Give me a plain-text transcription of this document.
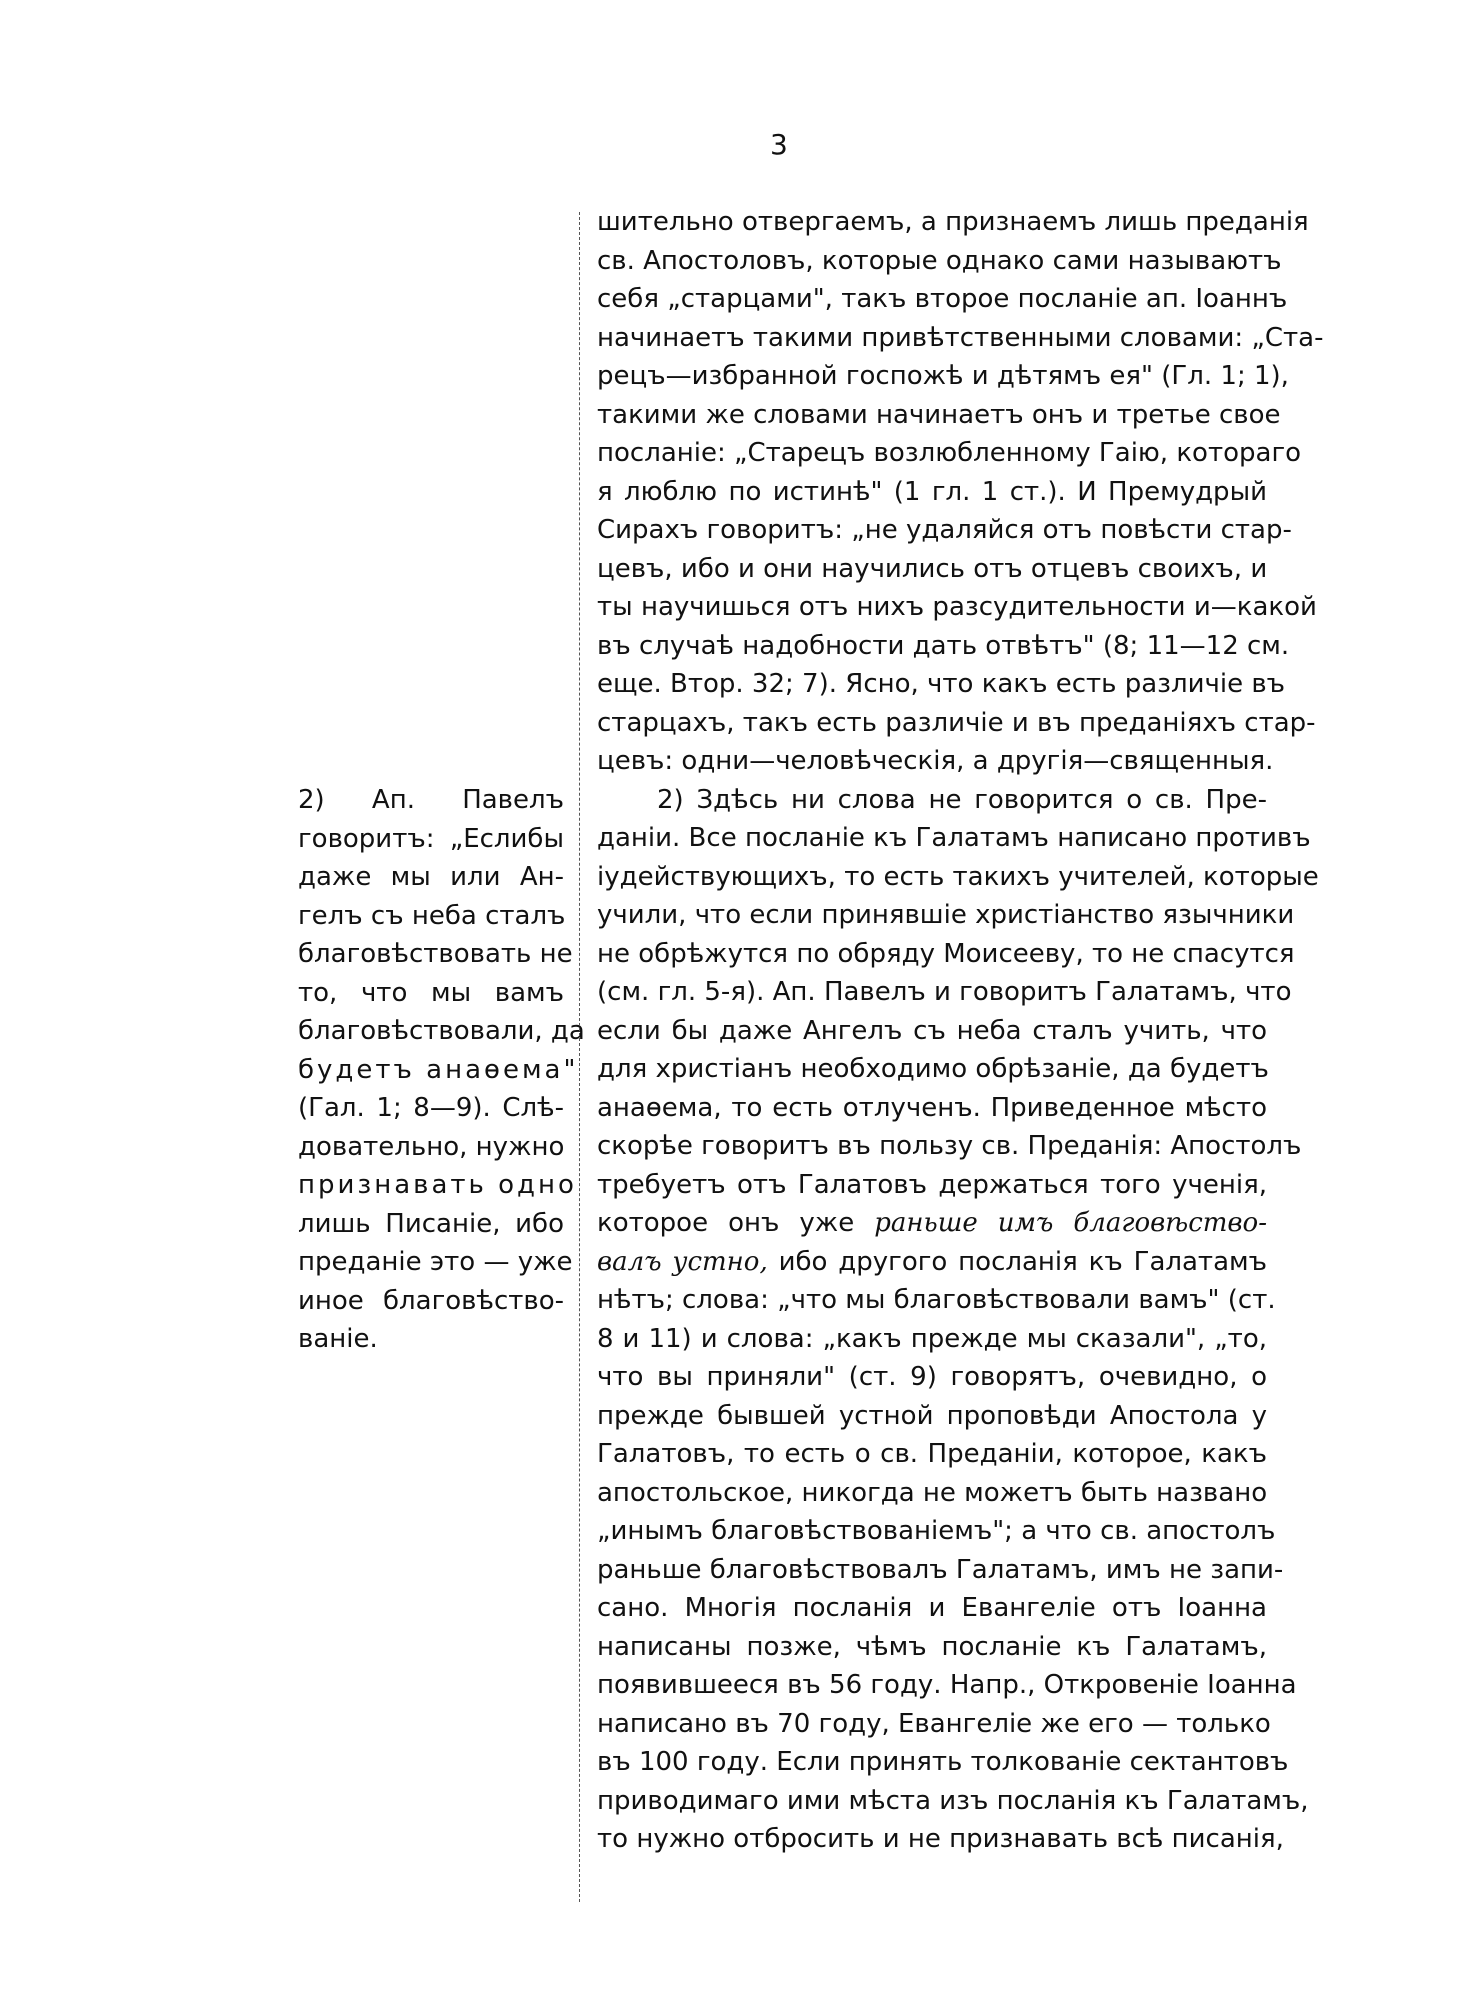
3
2) Ап. Павелъ
говоритъ: „Еслибы
даже мы или Ан-
гелъ съ неба сталъ
благовѣствовать не
то, что мы вамъ
благовѣствовали, да
будетъ анаѳема"
(Гал. 1; 8—9). Слѣ-
довательно, нужно
признавать одно
лишь Писаніе, ибо
преданіе это — уже
иное благовѣство-
ваніе.
шительно отвергаемъ, а признаемъ лишь преданія
св. Апостоловъ, которые однако сами называютъ
себя „старцами", такъ второе посланіе ап. Іоаннъ
начинаетъ такими привѣтственными словами: „Ста-
рецъ—избранной госпожѣ и дѣтямъ ея" (Гл. 1; 1),
такими же словами начинаетъ онъ и третье свое
посланіе: „Старецъ возлюбленному Гаію, котораго
я люблю по истинѣ" (1 гл. 1 ст.). И Премудрый
Сирахъ говоритъ: „не удаляйся отъ повѣсти стар-
цевъ, ибо и они научились отъ отцевъ своихъ, и
ты научишься отъ нихъ разсудительности и—какой
въ случаѣ надобности дать отвѣтъ" (8; 11—12 см.
еще. Втор. 32; 7). Ясно, что какъ есть различіе въ
старцахъ, такъ есть различіе и въ преданіяхъ стар-
цевъ: одни—человѣческія, а другія—священныя.
2) Здѣсь ни слова не говорится о св. Пре-
даніи. Все посланіе къ Галатамъ написано противъ
іудействующихъ, то есть такихъ учителей, которые
учили, что если принявшіе христіанство язычники
не обрѣжутся по обряду Моисееву, то не спасутся
(см. гл. 5-я). Ап. Павелъ и говоритъ Галатамъ, что
если бы даже Ангелъ съ неба сталъ учить, что
для христіанъ необходимо обрѣзаніе, да будетъ
анаѳема, то есть отлученъ. Приведенное мѣсто
скорѣе говоритъ въ пользу св. Преданія: Апостолъ
требуетъ отъ Галатовъ держаться того ученія,
которое онъ уже раньше имъ благовѣство-
валъ устно, ибо другого посланія къ Галатамъ
нѣтъ; слова: „что мы благовѣствовали вамъ" (ст.
8 и 11) и слова: „какъ прежде мы сказали", „то,
что вы приняли" (ст. 9) говорятъ, очевидно, о
прежде бывшей устной проповѣди Апостола у
Галатовъ, то есть о св. Преданіи, которое, какъ
апостольское, никогда не можетъ быть названо
„инымъ благовѣствованіемъ"; а что св. апостолъ
раньше благовѣствовалъ Галатамъ, имъ не запи-
сано. Многія посланія и Евангеліе отъ Іоанна
написаны позже, чѣмъ посланіе къ Галатамъ,
появившееся въ 56 году. Напр., Откровеніе Іоанна
написано въ 70 году, Евангеліе же его — только
въ 100 году. Если принять толкованіе сектантовъ
приводимаго ими мѣста изъ посланія къ Галатамъ,
то нужно отбросить и не признавать всѣ писанія,
